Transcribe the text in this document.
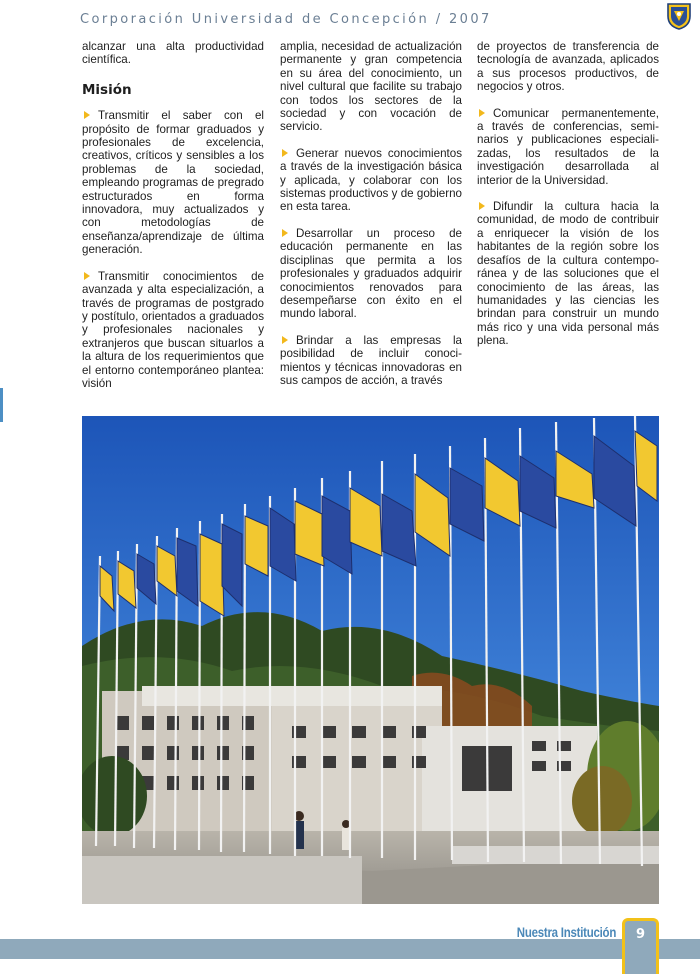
Corporación Universidad de Concepción / 2007

alcanzar una alta productividad científica.

Misión

Transmitir el saber con el propósito de formar graduados y profesionales de excelencia, creativos, críticos y sensibles a los problemas de la sociedad, empleando programas de pregrado estructurados en forma innovadora, muy actualizados y con metodologías de enseñanza/aprendizaje de última generación.

Transmitir conocimientos de avanzada y alta especialización, a través de programas de postgrado y postítulo, orientados a graduados y profesionales nacionales y extranjeros que buscan situarlos a la altura de los requerimientos que el entorno contemporáneo plantea: visión

amplia, necesidad de actualización permanente y gran competencia en su área del conocimiento, un nivel cultural que facilite su trabajo con todos los sectores de la sociedad y con vocación de servicio.

Generar nuevos conocimientos a través de la investigación básica y aplicada, y colaborar con los sistemas productivos y de gobierno en esta tarea.

Desarrollar un proceso de educación permanente en las disciplinas que permita a los profesionales y graduados adquirir conocimientos renovados para desempeñarse con éxito en el mundo laboral.

Brindar a las empresas la posibilidad de incluir conoci-mientos y técnicas innovadoras en sus campos de acción, a través

de proyectos de transferencia de tecnología de avanzada, aplicados a sus procesos productivos, de negocios y otros.

Comunicar permanentemente, a través de conferencias, semi-narios y publicaciones especiali-zadas, los resultados de la investigación desarrollada al interior de la Universidad.

Difundir la cultura hacia la comunidad, de modo de contribuir a enriquecer la visión de los habitantes de la región sobre los desafíos de la cultura contempo-ránea y de las soluciones que el conocimiento de las áreas, las humanidades y las ciencias les brindan para construir un mundo más rico y una vida personal más plena.

Nuestra Institución	9
